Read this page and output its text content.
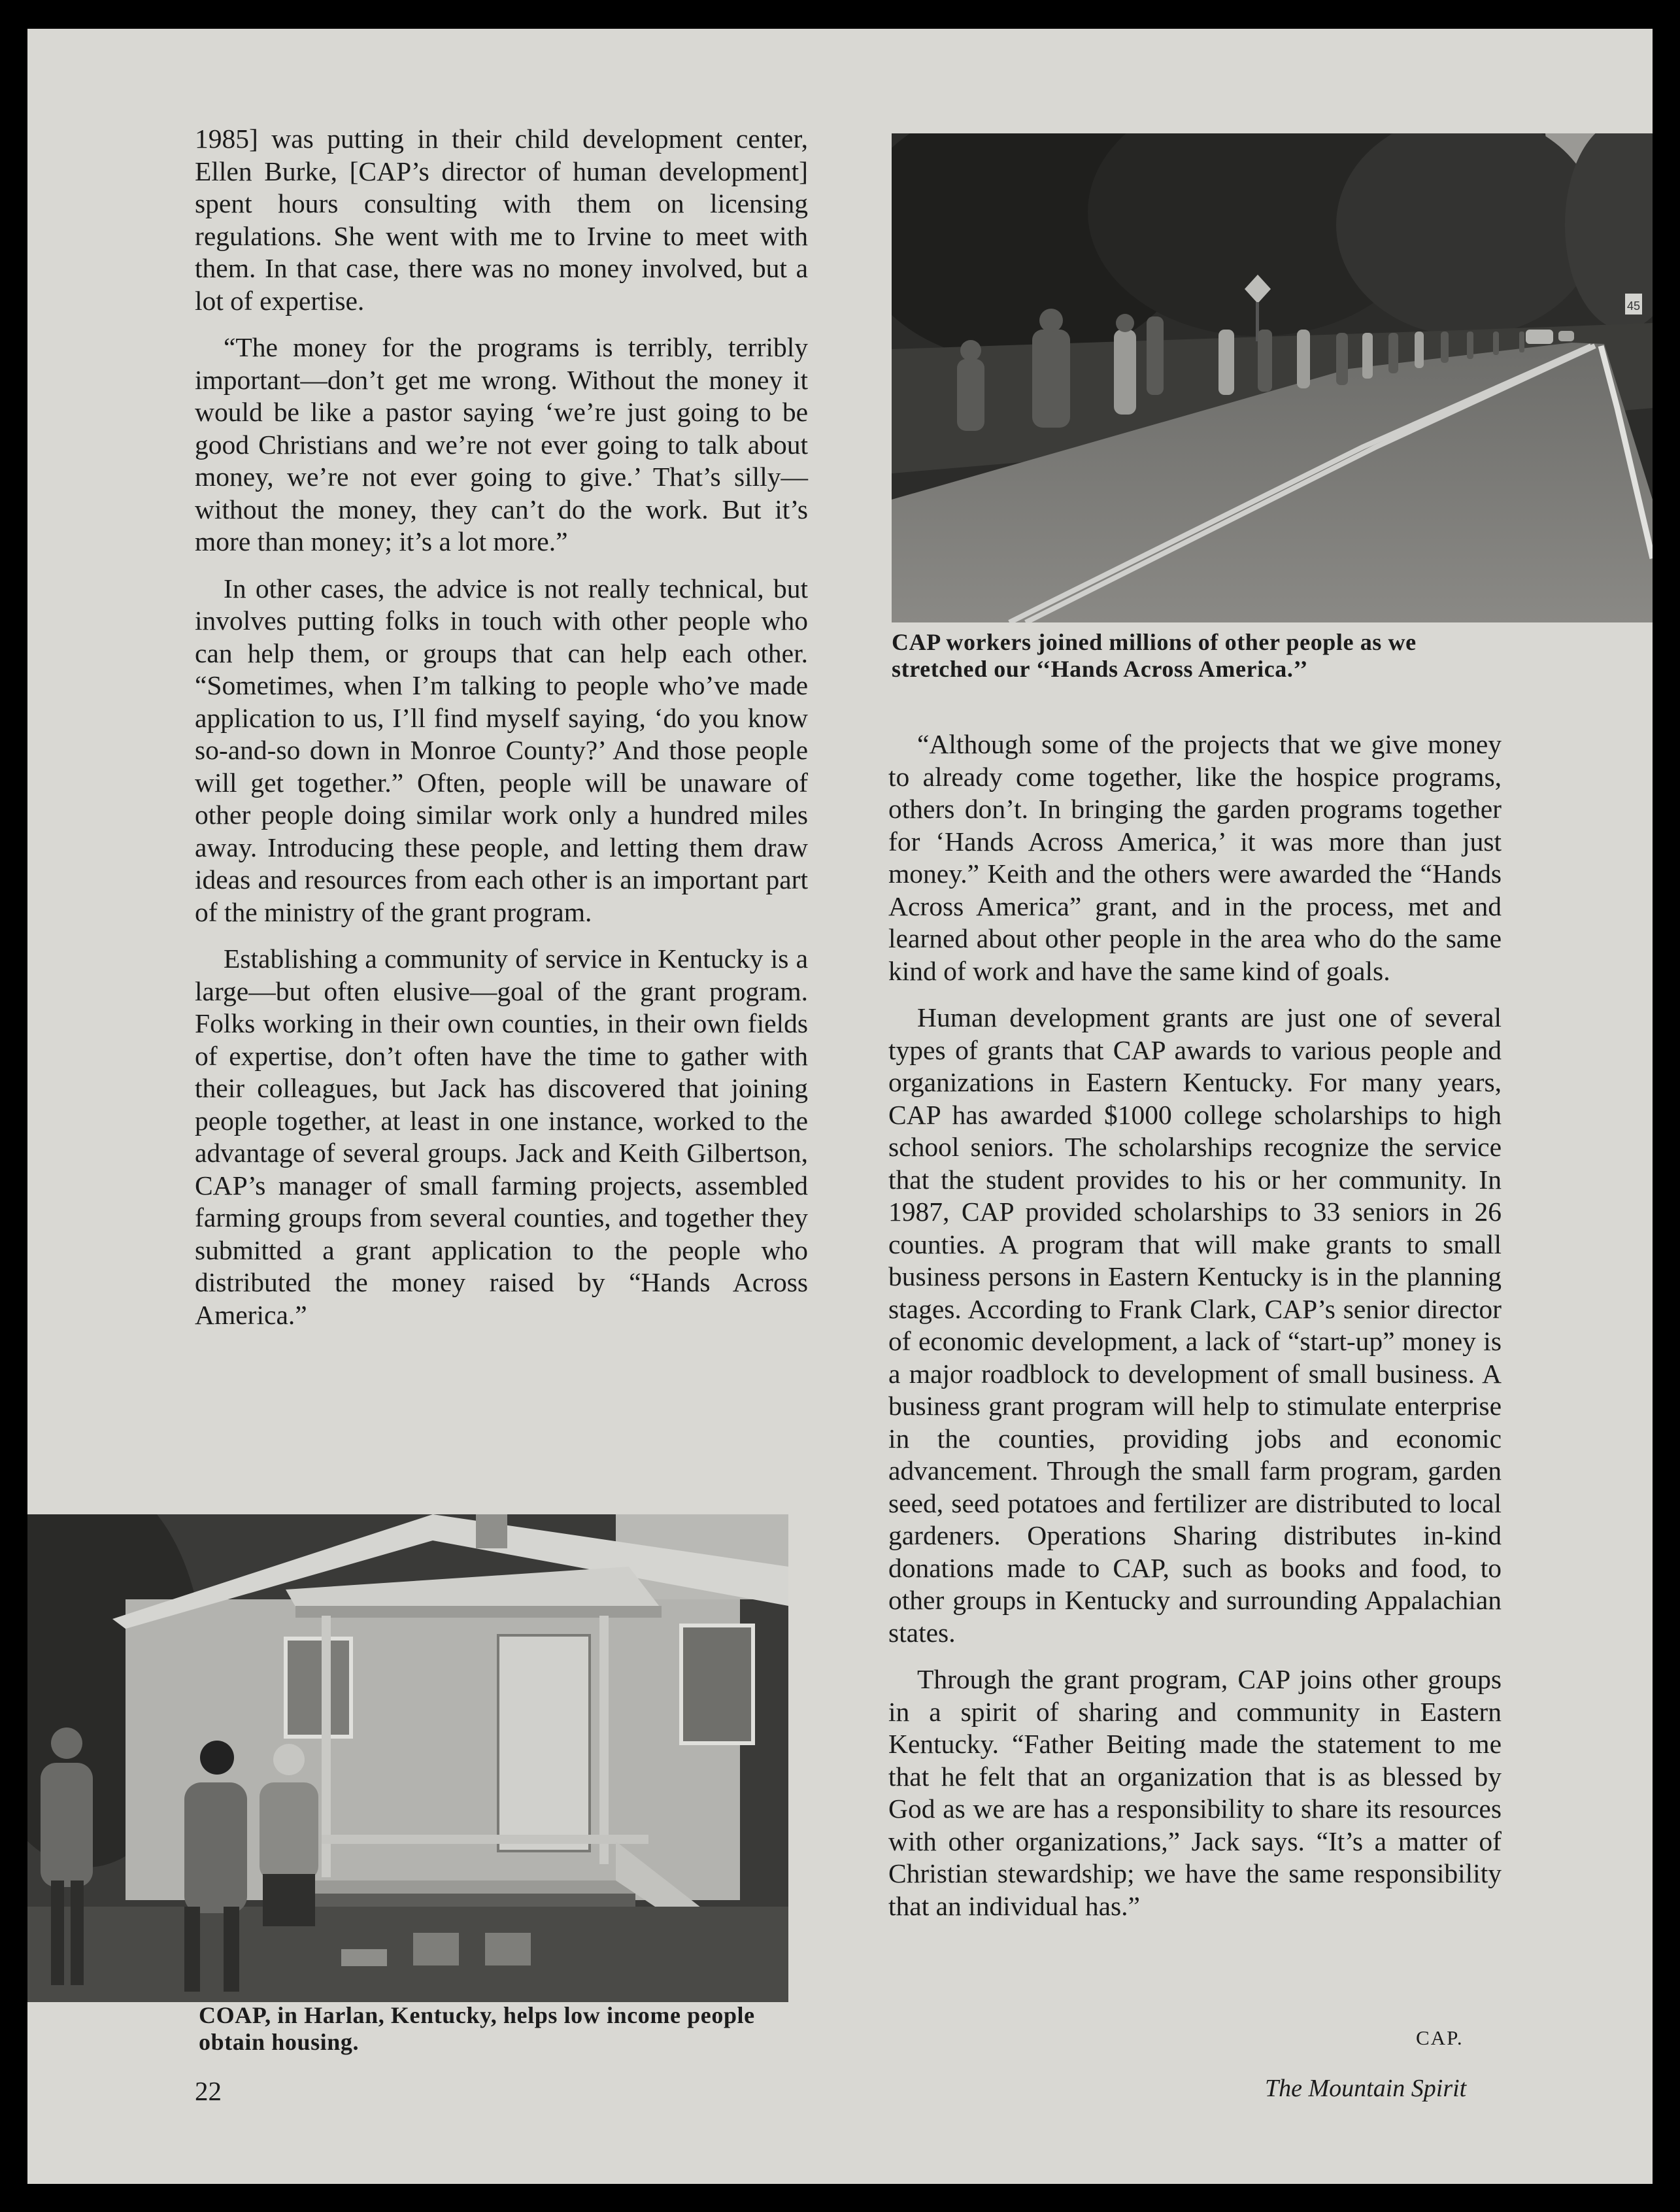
1985] was putting in their child development center, Ellen Burke, [CAP’s director of human development] spent hours consulting with them on licensing regulations. She went with me to Irvine to meet with them. In that case, there was no money involved, but a lot of expertise.

“The money for the programs is terribly, terribly important—don’t get me wrong. Without the money it would be like a pastor saying ‘we’re just going to be good Christians and we’re not ever going to talk about money, we’re not ever going to give.’ That’s silly—without the money, they can’t do the work. But it’s more than money; it’s a lot more.”

In other cases, the advice is not really technical, but involves putting folks in touch with other people who can help them, or groups that can help each other. “Sometimes, when I’m talking to people who’ve made application to us, I’ll find myself saying, ‘do you know so-and-so down in Monroe County?’ And those people will get together.” Often, people will be unaware of other people doing similar work only a hundred miles away. Introducing these people, and letting them draw ideas and resources from each other is an important part of the ministry of the grant program.

Establishing a community of service in Kentucky is a large—but often elusive—goal of the grant program. Folks working in their own counties, in their own fields of expertise, don’t often have the time to gather with their colleagues, but Jack has discovered that joining people together, at least in one instance, worked to the advantage of several groups. Jack and Keith Gilbertson, CAP’s manager of small farming projects, assembled farming groups from several counties, and together they submitted a grant application to the people who distributed the money raised by “Hands Across America.”

45
CAP workers joined millions of other people as we stretched our ‘‘Hands Across America.’’

“Although some of the projects that we give money to already come together, like the hospice programs, others don’t. In bringing the garden programs together for ‘Hands Across America,’ it was more than just money.” Keith and the others were awarded the “Hands Across America” grant, and in the process, met and learned about other people in the area who do the same kind of work and have the same kind of goals.

Human development grants are just one of several types of grants that CAP awards to various people and organizations in Eastern Kentucky. For many years, CAP has awarded $1000 college scholarships to high school seniors. The scholarships recognize the service that the student provides to his or her community. In 1987, CAP provided scholarships to 33 seniors in 26 counties. A program that will make grants to small business persons in Eastern Kentucky is in the planning stages. According to Frank Clark, CAP’s senior director of economic development, a lack of “start-up” money is a major roadblock to development of small business. A business grant program will help to stimulate enterprise in the counties, providing jobs and economic advancement. Through the small farm program, garden seed, seed potatoes and fertilizer are distributed to local gardeners. Operations Sharing distributes in-kind donations made to CAP, such as books and food, to other groups in Kentucky and surrounding Appalachian states.

Through the grant program, CAP joins other groups in a spirit of sharing and community in Eastern Kentucky. “Father Beiting made the statement to me that he felt that an organization that is as blessed by God as we are has a responsibility to share its resources with other organizations,” Jack says. “It’s a matter of Christian stewardship; we have the same responsibility that an individual has.”

CAP.
COAP, in Harlan, Kentucky, helps low income people obtain housing.
22	The Mountain Spirit
